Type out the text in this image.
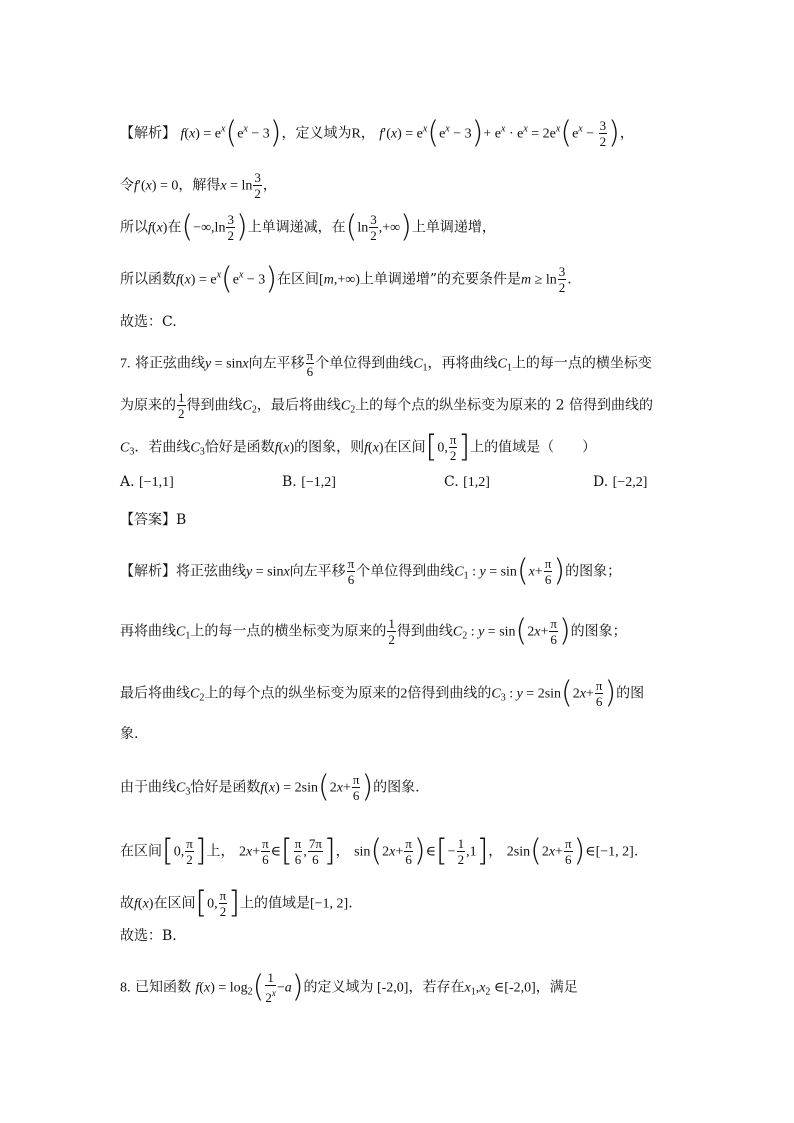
【解析】 $f(x) = e^x(e^x - 3)$，定义域为R， $f'(x) = e^x(e^x - 3)+ e^x \cdot e^x = 2e^x(e^x - \frac{3}{2}$ )，
令f′(x) = 0，解得$x = \ln \frac{3}{2}$ ，
所以f(x)在($-\infty,\ln \frac{3}{2}$ )上单调递减，在($\ln \frac{3}{2}$ ,+∞)上单调递增，
所以函数$f(x) = e^x(e^x - 3)$在区间[m,+∞)上单调递增”的充要条件是$m \ge \ln \frac{3}{2}$ .
故选：C.
7. 将正弦曲线y = sinx向左平移 $\frac{\pi}{6}$ 个单位得到曲线$C_1$，再将曲线$C_1$上的每一点的横坐标变
为原来的 $\frac{1}{2}$ 得到曲线$C_2$，最后将曲线$C_2$上的每个点的纵坐标变为原来的 2 倍得到曲线的
$C_3$．若曲线$C_3$恰好是函数f(x)的图象，则f(x)在区间[0, $\frac{\pi}{2}$ ]上的值域是（　　）
A. [−1,1]	B. [−1,2]	C. [1,2]	D. [−2,2]
【答案】B
【解析】将正弦曲线y = sinx向左平移 $\frac{\pi}{6}$ 个单位得到曲线$C_1$ : $y = \sin(x+ \frac{\pi}{6}$ )的图象；
再将曲线$C_1$上的每一点的横坐标变为原来的 $\frac{1}{2}$ 得到曲线$C_2$ : $y = \sin(2x+ \frac{\pi}{6}$ )的图象；
最后将曲线$C_2$上的每个点的纵坐标变为原来的2倍得到曲线的$C_3$ : $y = 2\sin(2x+ \frac{\pi}{6}$ )的图
象.
由于曲线$C_3$恰好是函数$f(x) = 2\sin(2x+ \frac{\pi}{6}$ )的图象.
在区间[0, $\frac{\pi}{2}$ ]上， $2x+ \frac{\pi}{6}$ ∈[ $\frac{\pi}{6}$ , $\frac{7\pi}{6}$ ]， $\sin(2x+ \frac{\pi}{6}$ )∈[− $\frac{1}{2} ,1$]， $2\sin(2x+ \frac{\pi}{6}$ )∈[−1, 2].
故f(x)在区间[0, $\frac{\pi}{2}$ ]上的值域是[−1, 2].
故选：B.
8. 已知函数 $f(x) = \log_2( \frac{1}{2^x} -a)$的定义域为 [-2,0]，若存在$x_1,x_2$ ∈[-2,0]，满足
